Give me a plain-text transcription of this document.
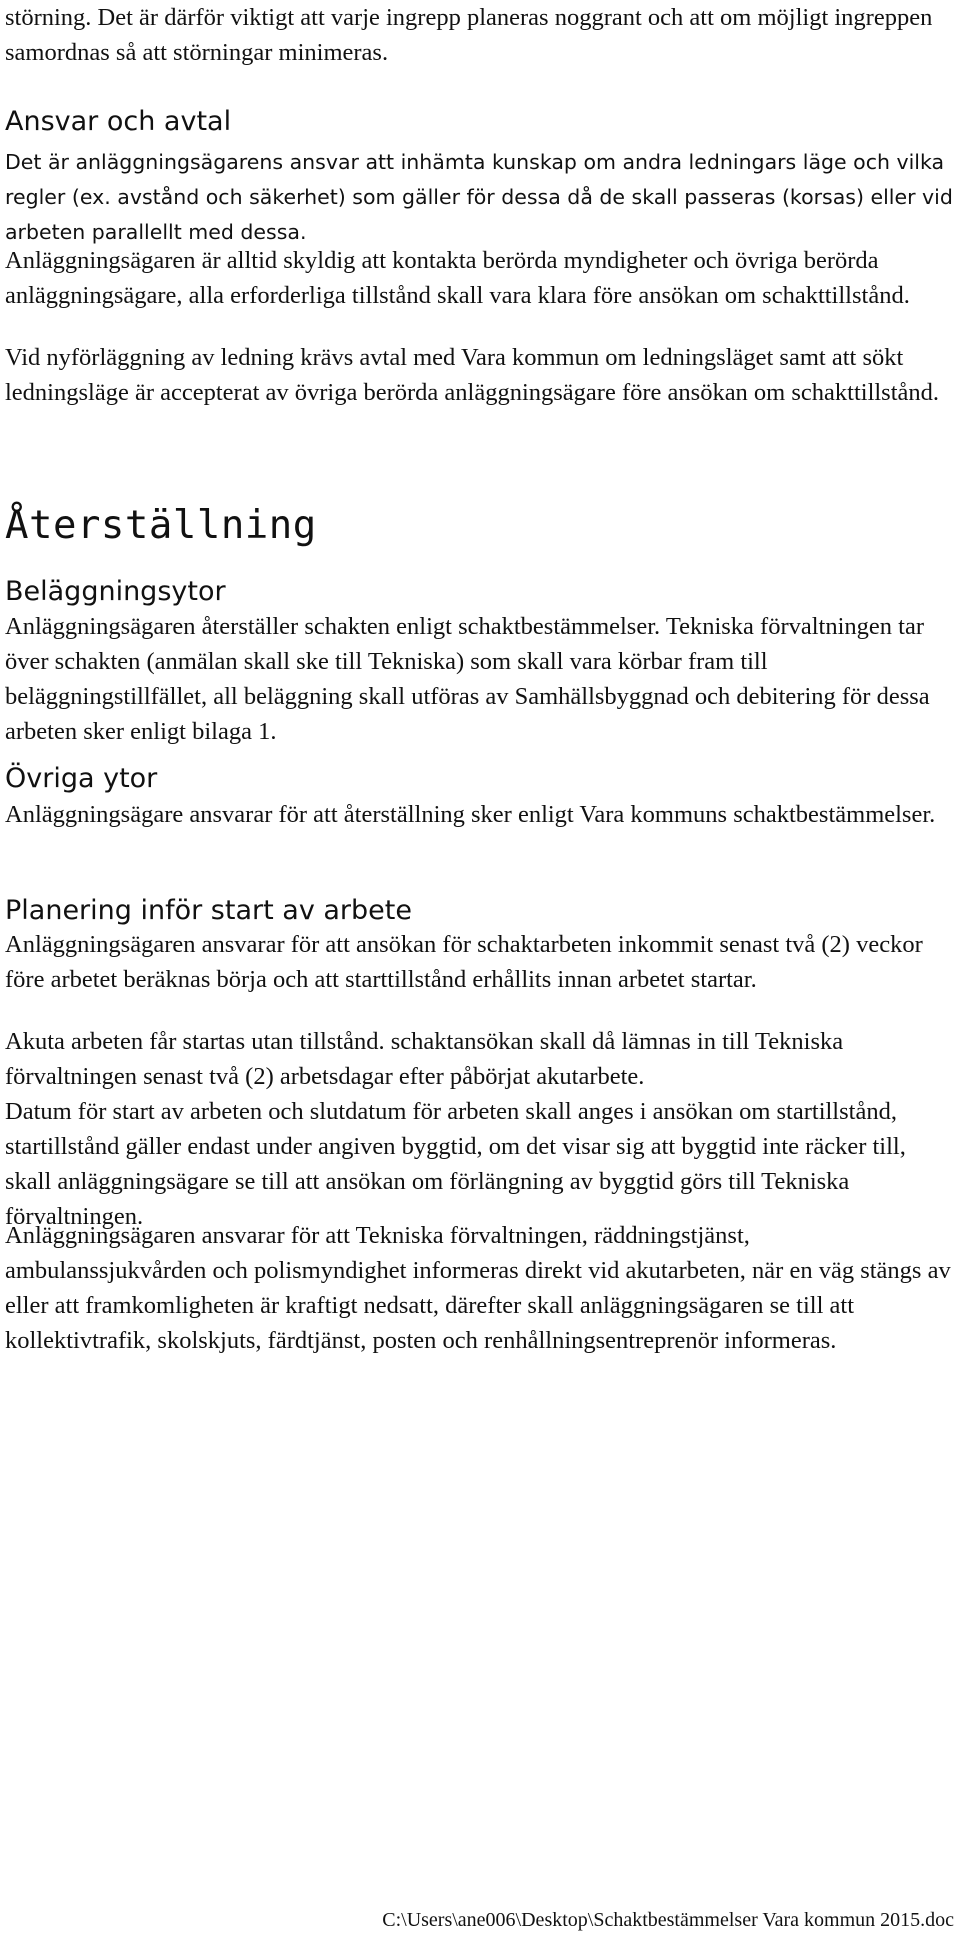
störning. Det är därför viktigt att varje ingrepp planeras noggrant och att om möjligt ingreppen samordnas så att störningar minimeras.

Ansvar och avtal

Det är anläggningsägarens ansvar att inhämta kunskap om andra ledningars läge och vilka regler (ex. avstånd och säkerhet) som gäller för dessa då de skall passeras (korsas) eller vid arbeten parallellt med dessa.

Anläggningsägaren är alltid skyldig att kontakta berörda myndigheter och övriga berörda anläggningsägare, alla erforderliga tillstånd skall vara klara före ansökan om schakttillstånd.

Vid nyförläggning av ledning krävs avtal med Vara kommun om ledningsläget samt att sökt ledningsläge är accepterat av övriga berörda anläggningsägare före ansökan om schakttillstånd.

Återställning
Beläggningsytor

Anläggningsägaren återställer schakten enligt schaktbestämmelser. Tekniska förvaltningen tar över schakten (anmälan skall ske till Tekniska) som skall vara körbar fram till beläggningstillfället, all beläggning skall utföras av Samhällsbyggnad och debitering för dessa arbeten sker enligt bilaga 1.

Övriga ytor

Anläggningsägare ansvarar för att återställning sker enligt Vara kommuns schaktbestämmelser.

Planering inför start av arbete

Anläggningsägaren ansvarar för att ansökan för schaktarbeten inkommit senast två (2) veckor före arbetet beräknas börja och att starttillstånd erhållits innan arbetet startar.

Akuta arbeten får startas utan tillstånd. schaktansökan skall då lämnas in till Tekniska förvaltningen senast två (2) arbetsdagar efter påbörjat akutarbete.

Datum för start av arbeten och slutdatum för arbeten skall anges i ansökan om startillstånd, startillstånd gäller endast under angiven byggtid, om det visar sig att byggtid inte räcker till, skall anläggningsägare se till att ansökan om förlängning av byggtid görs till Tekniska förvaltningen.

Anläggningsägaren ansvarar för att Tekniska förvaltningen, räddningstjänst, ambulanssjukvården och polismyndighet informeras direkt vid akutarbeten, när en väg stängs av eller att framkomligheten är kraftigt nedsatt, därefter skall anläggningsägaren se till att kollektivtrafik, skolskjuts, färdtjänst, posten och renhållningsentreprenör informeras.

C:\Users\ane006\Desktop\Schaktbestämmelser Vara kommun 2015.doc
